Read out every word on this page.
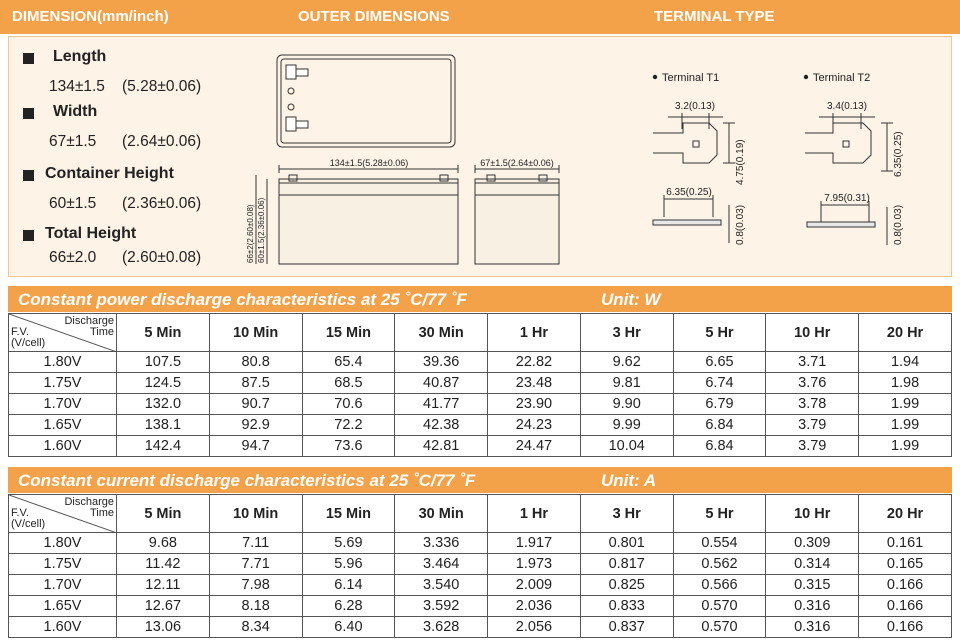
DIMENSION(mm/inch)	OUTER DIMENSIONS	TERMINAL TYPE
Length
134±1.5 (5.28±0.06)
Width
67±1.5 (2.64±0.06)
Container Height
60±1.5 (2.36±0.06)
Total Height
66±2.0 (2.60±0.08)
134±1.5(5.28±0.06)
66±2(2.60±0.08) 60±1.5(2.36±0.06)
67±1.5(2.64±0.06)
Terminal T1
3.2(0.13)
4.75(0.19)
6.35(0.25)
0.8(0.03)
Terminal T2
3.4(0.13)
6.35(0.25)
7.95(0.31)
0.8(0.03)
Constant power discharge characteristics at 25 ˚C/77 ˚F	Unit: W
Discharge
Time
F.V.
(V/cell)	5 Min	10 Min	15 Min	30 Min	1 Hr	3 Hr	5 Hr	10 Hr	20 Hr
1.80V	107.5	80.8	65.4	39.36	22.82	9.62	6.65	3.71	1.94
1.75V	124.5	87.5	68.5	40.87	23.48	9.81	6.74	3.76	1.98
1.70V	132.0	90.7	70.6	41.77	23.90	9.90	6.79	3.78	1.99
1.65V	138.1	92.9	72.2	42.38	24.23	9.99	6.84	3.79	1.99
1.60V	142.4	94.7	73.6	42.81	24.47	10.04	6.84	3.79	1.99
Constant current discharge characteristics at 25 ˚C/77 ˚F	Unit: A
Discharge
Time
F.V.
(V/cell)	5 Min	10 Min	15 Min	30 Min	1 Hr	3 Hr	5 Hr	10 Hr	20 Hr
1.80V	9.68	7.11	5.69	3.336	1.917	0.801	0.554	0.309	0.161
1.75V	11.42	7.71	5.96	3.464	1.973	0.817	0.562	0.314	0.165
1.70V	12.11	7.98	6.14	3.540	2.009	0.825	0.566	0.315	0.166
1.65V	12.67	8.18	6.28	3.592	2.036	0.833	0.570	0.316	0.166
1.60V	13.06	8.34	6.40	3.628	2.056	0.837	0.570	0.316	0.166
